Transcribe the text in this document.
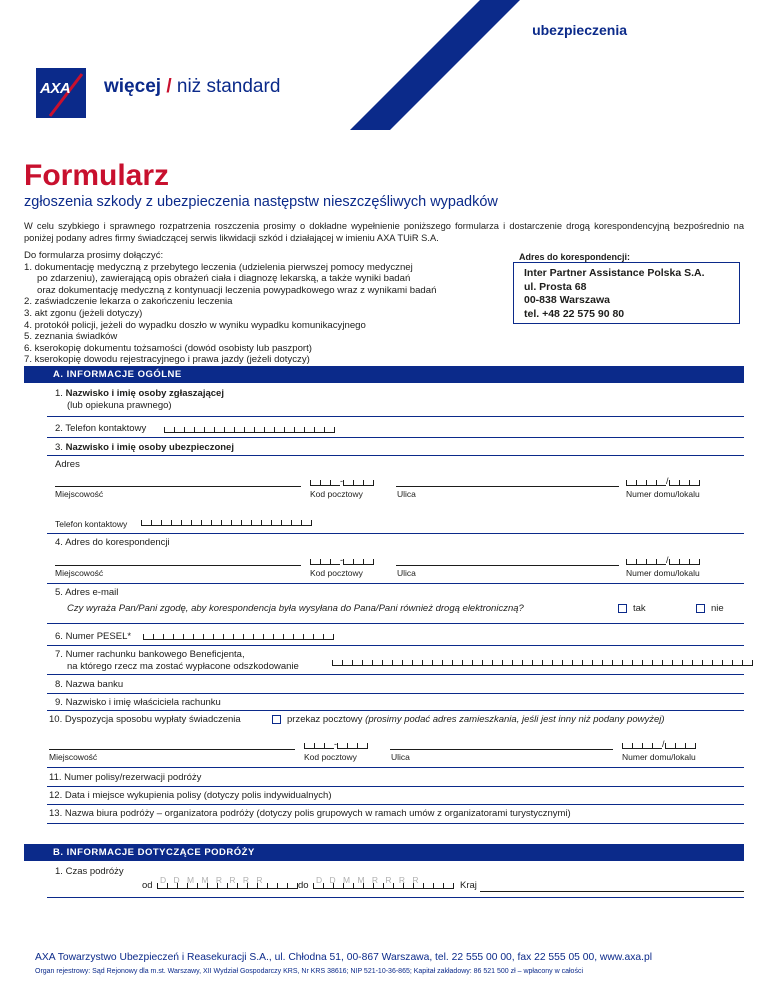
ubezpieczenia
AXA więcej / niż standard
Formularz
zgłoszenia szkody z ubezpieczenia następstw nieszczęśliwych wypadków
W celu szybkiego i sprawnego rozpatrzenia roszczenia prosimy o dokładne wypełnienie poniższego formularza i dostarczenie drogą korespondencyjną bezpośrednio na poniżej podany adres firmy świadczącej serwis likwidacji szkód i działającej w imieniu AXA TUiR S.A.
Do formularza prosimy dołączyć:
1. dokumentację medyczną z przebytego leczenia (udzielenia pierwszej pomocy medycznej
po zdarzeniu), zawierającą opis obrażeń ciała i diagnozę lekarską, a także wyniki badań
oraz dokumentację medyczną z kontynuacji leczenia powypadkowego wraz z wynikami badań
2. zaświadczenie lekarza o zakończeniu leczenia
3. akt zgonu (jeżeli dotyczy)
4. protokół policji, jeżeli do wypadku doszło w wyniku wypadku komunikacyjnego
5. zeznania świadków
6. kserokopię dokumentu tożsamości (dowód osobisty lub paszport)
7. kserokopię dowodu rejestracyjnego i prawa jazdy (jeżeli dotyczy)
Adres do korespondencji:
Inter Partner Assistance Polska S.A.
ul. Prosta 68
00-838 Warszawa
tel. +48 22 575 90 80
A. INFORMACJE OGÓLNE
1. Nazwisko i imię osoby zgłaszającej
(lub opiekuna prawnego)
2. Telefon kontaktowy
3. Nazwisko i imię osoby ubezpieczonej
Adres
-	/
Miejscowość	Kod pocztowy	Ulica	Numer domu/lokalu
Telefon kontaktowy
4. Adres do korespondencji
-	/
Miejscowość	Kod pocztowy	Ulica	Numer domu/lokalu
5. Adres e-mail
Czy wyraża Pan/Pani zgodę, aby korespondencja była wysyłana do Pana/Pani również drogą elektroniczną?	tak	nie
6. Numer PESEL*
7. Numer rachunku bankowego Beneficjenta,
na którego rzecz ma zostać wypłacone odszkodowanie
8. Nazwa banku
9. Nazwisko i imię właściciela rachunku
10. Dyspozycja sposobu wypłaty świadczenia	przekaz pocztowy (prosimy podać adres zamieszkania, jeśli jest inny niż podany powyżej)
-	/
Miejscowość	Kod pocztowy	Ulica	Numer domu/lokalu
11. Numer polisy/rezerwacji podróży
12. Data i miejsce wykupienia polisy (dotyczy polis indywidualnych)
13. Nazwa biura podróży – organizatora podróży (dotyczy polis grupowych w ramach umów z organizatorami turystycznymi)
B. INFORMACJE DOTYCZĄCE PODRÓŻY
1. Czas podróży
od D D M M R R R R	do D D M M R R R R	Kraj
AXA Towarzystwo Ubezpieczeń i Reasekuracji S.A., ul. Chłodna 51, 00-867 Warszawa, tel. 22 555 00 00, fax 22 555 05 00, www.axa.pl
Organ rejestrowy: Sąd Rejonowy dla m.st. Warszawy, XII Wydział Gospodarczy KRS, Nr KRS 38616; NIP 521-10-36-865; Kapitał zakładowy: 86 521 500 zł – wpłacony w całości
